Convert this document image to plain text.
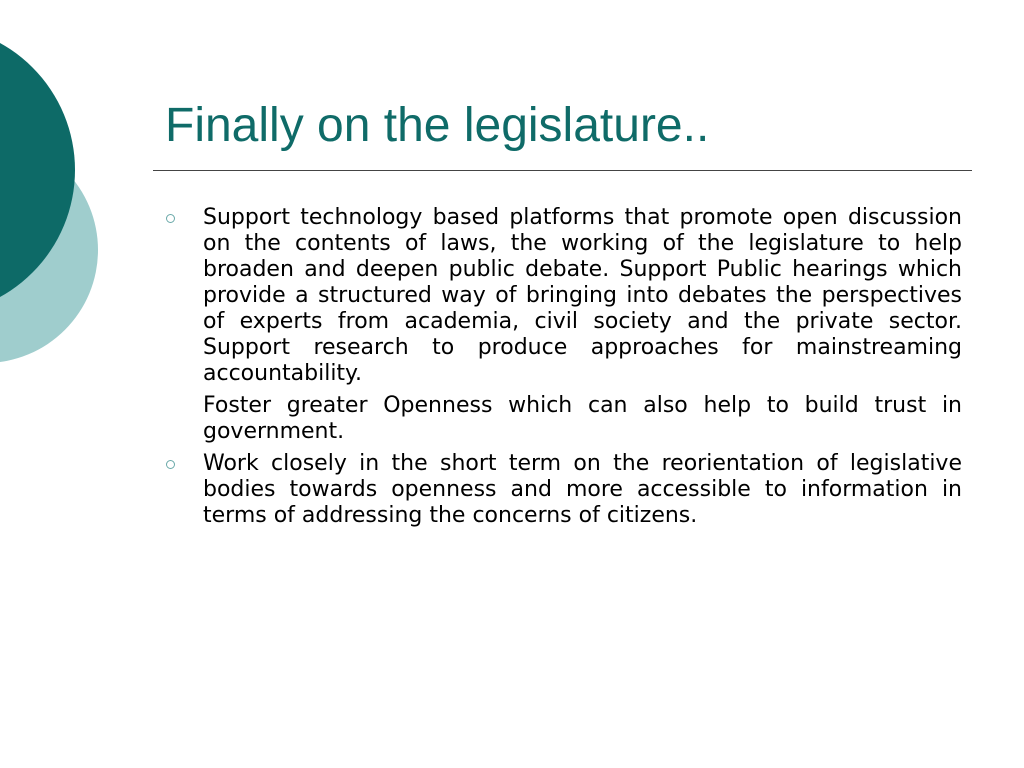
Finally on the legislature..
Support technology based platforms that promote open discussion on the contents of laws, the working of the legislature to help broaden and deepen public debate. Support Public hearings which provide a structured way of bringing into debates the perspectives of experts from academia, civil society and the private sector. Support research to produce approaches for mainstreaming accountability.
Foster greater Openness which can also help to build trust in government.
Work closely in the short term on the reorientation of legislative bodies towards openness and more accessible to information in terms of addressing the concerns of citizens.
